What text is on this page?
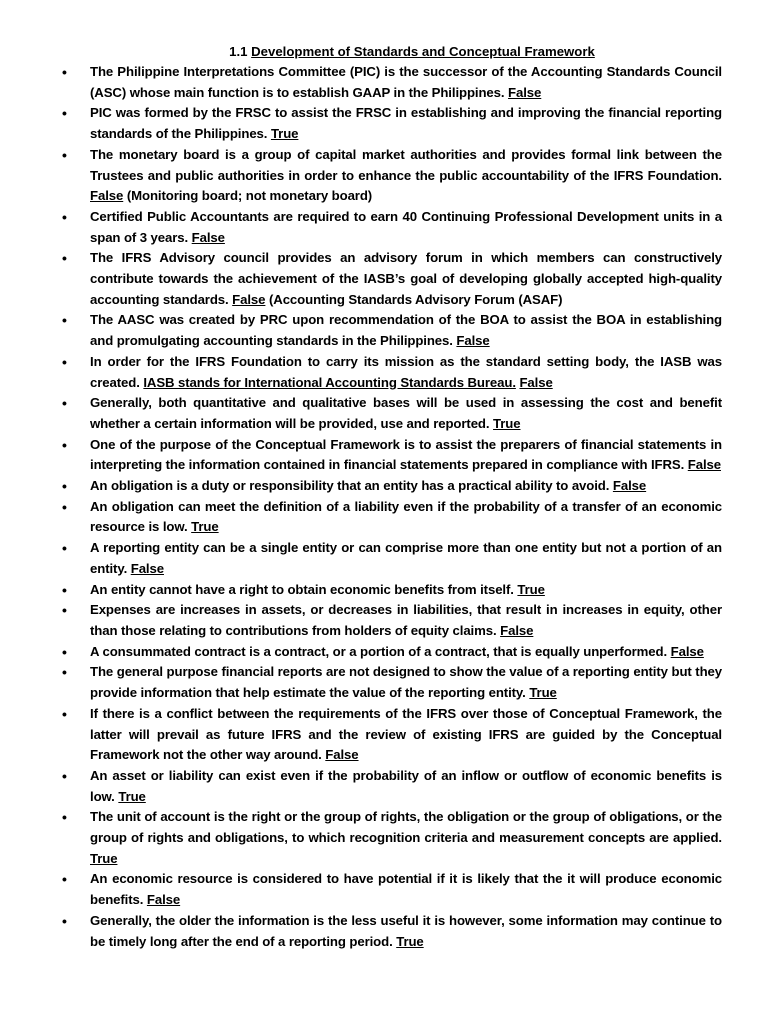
1.1 Development of Standards and Conceptual Framework
• The Philippine Interpretations Committee (PIC) is the successor of the Accounting Standards Council (ASC) whose main function is to establish GAAP in the Philippines. False
• PIC was formed by the FRSC to assist the FRSC in establishing and improving the financial reporting standards of the Philippines. True
• The monetary board is a group of capital market authorities and provides formal link between the Trustees and public authorities in order to enhance the public accountability of the IFRS Foundation. False (Monitoring board; not monetary board)
• Certified Public Accountants are required to earn 40 Continuing Professional Development units in a span of 3 years. False
• The IFRS Advisory council provides an advisory forum in which members can constructively contribute towards the achievement of the IASB’s goal of developing globally accepted high-quality accounting standards. False (Accounting Standards Advisory Forum (ASAF)
• The AASC was created by PRC upon recommendation of the BOA to assist the BOA in establishing and promulgating accounting standards in the Philippines. False
• In order for the IFRS Foundation to carry its mission as the standard setting body, the IASB was created. IASB stands for International Accounting Standards Bureau. False
• Generally, both quantitative and qualitative bases will be used in assessing the cost and benefit whether a certain information will be provided, use and reported. True
• One of the purpose of the Conceptual Framework is to assist the preparers of financial statements in interpreting the information contained in financial statements prepared in compliance with IFRS. False
• An obligation is a duty or responsibility that an entity has a practical ability to avoid. False
• An obligation can meet the definition of a liability even if the probability of a transfer of an economic resource is low. True
• A reporting entity can be a single entity or can comprise more than one entity but not a portion of an entity. False
• An entity cannot have a right to obtain economic benefits from itself. True
• Expenses are increases in assets, or decreases in liabilities, that result in increases in equity, other than those relating to contributions from holders of equity claims. False
• A consummated contract is a contract, or a portion of a contract, that is equally unperformed. False
• The general purpose financial reports are not designed to show the value of a reporting entity but they provide information that help estimate the value of the reporting entity. True
• If there is a conflict between the requirements of the IFRS over those of Conceptual Framework, the latter will prevail as future IFRS and the review of existing IFRS are guided by the Conceptual Framework not the other way around. False
• An asset or liability can exist even if the probability of an inflow or outflow of economic benefits is low. True
• The unit of account is the right or the group of rights, the obligation or the group of obligations, or the group of rights and obligations, to which recognition criteria and measurement concepts are applied. True
• An economic resource is considered to have potential if it is likely that the it will produce economic benefits. False
• Generally, the older the information is the less useful it is however, some information may continue to be timely long after the end of a reporting period. True
